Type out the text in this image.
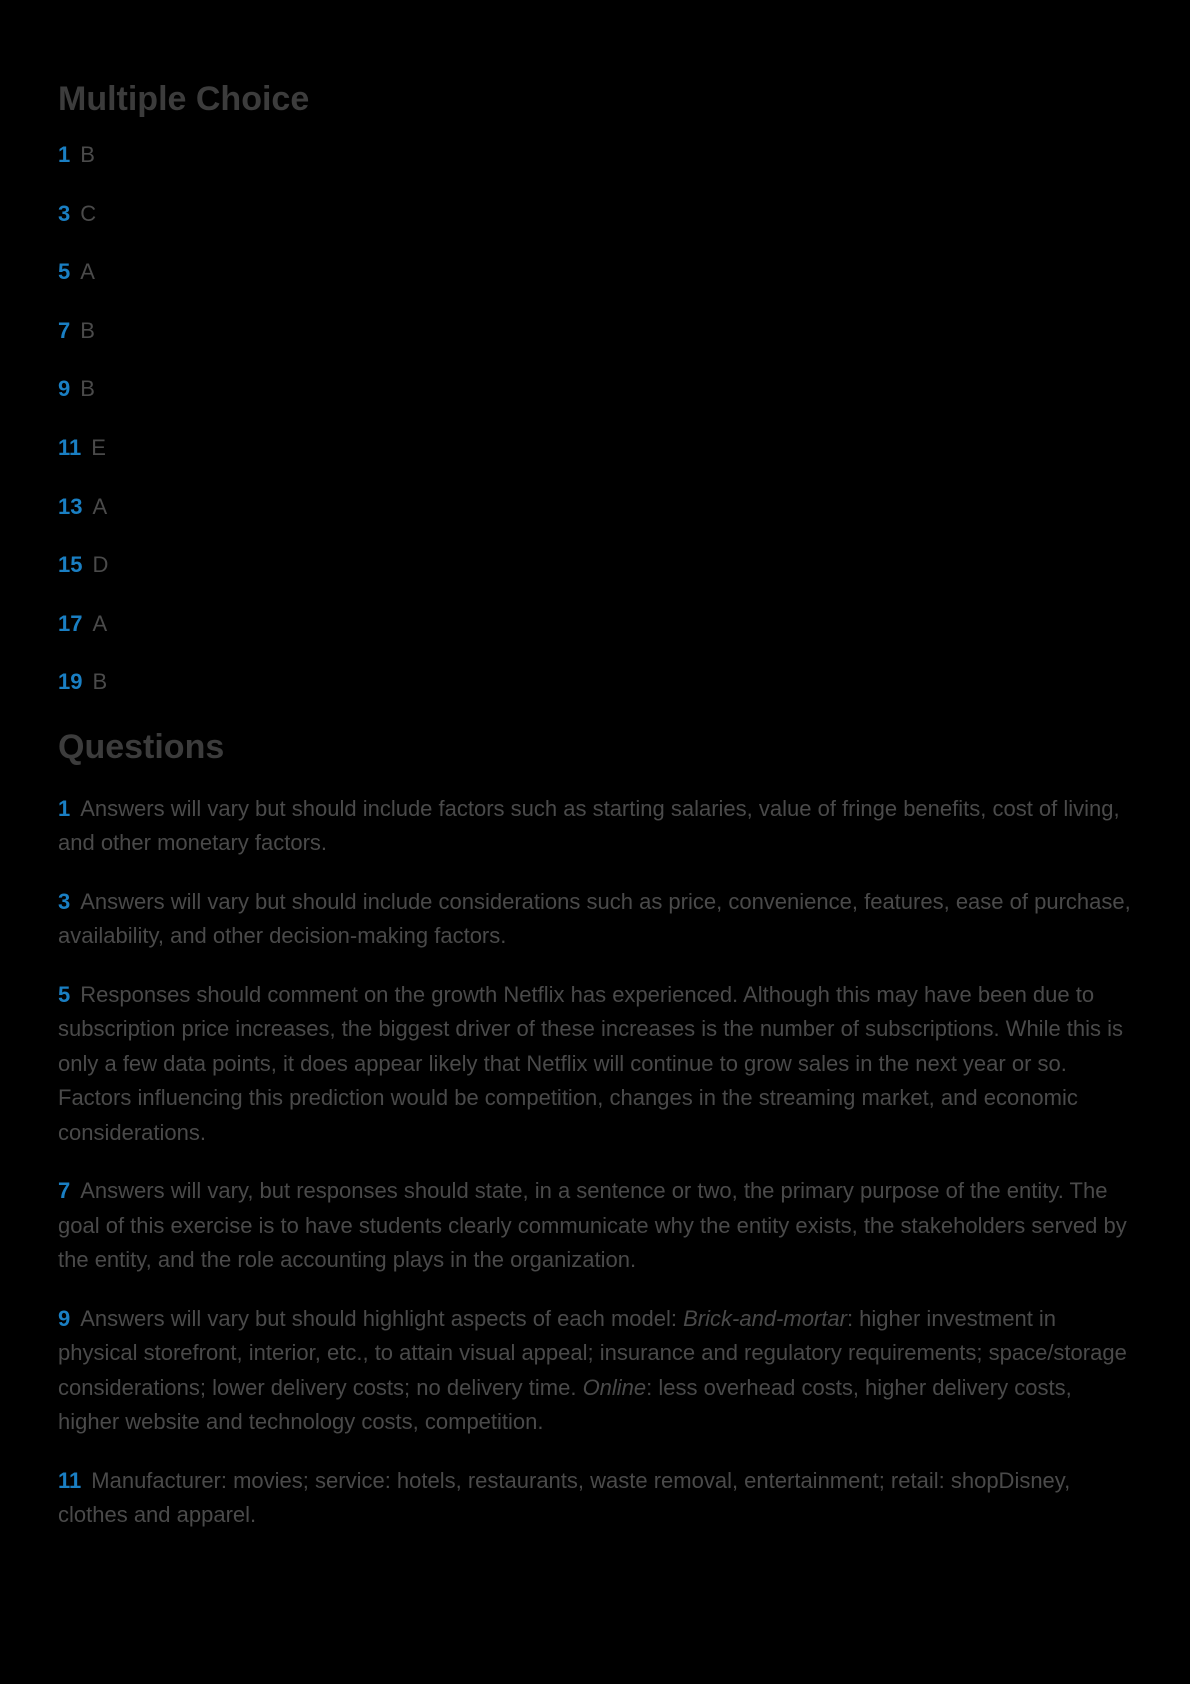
Multiple Choice
1 B
3 C
5 A
7 B
9 B
11 E
13 A
15 D
17 A
19 B
Questions

1 Answers will vary but should include factors such as starting salaries, value of fringe benefits, cost of living, and other monetary factors.

3 Answers will vary but should include considerations such as price, convenience, features, ease of purchase, availability, and other decision-making factors.

5 Responses should comment on the growth Netflix has experienced. Although this may have been due to subscription price increases, the biggest driver of these increases is the number of subscriptions. While this is only a few data points, it does appear likely that Netflix will continue to grow sales in the next year or so. Factors influencing this prediction would be competition, changes in the streaming market, and economic considerations.

7 Answers will vary, but responses should state, in a sentence or two, the primary purpose of the entity. The goal of this exercise is to have students clearly communicate why the entity exists, the stakeholders served by the entity, and the role accounting plays in the organization.

9 Answers will vary but should highlight aspects of each model: Brick-and-mortar: higher investment in physical storefront, interior, etc., to attain visual appeal; insurance and regulatory requirements; space/storage considerations; lower delivery costs; no delivery time. Online: less overhead costs, higher delivery costs, higher website and technology costs, competition.

11 Manufacturer: movies; service: hotels, restaurants, waste removal, entertainment; retail: shopDisney, clothes and apparel.
